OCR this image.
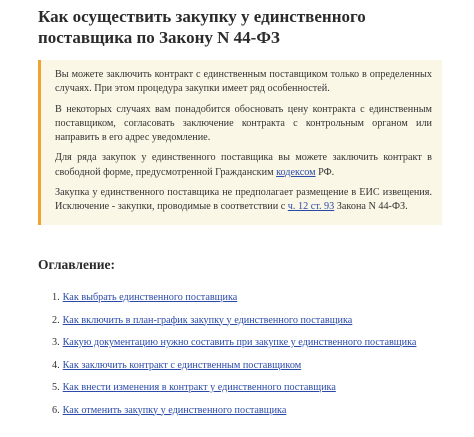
Как осуществить закупку у единственного поставщика по Закону N 44-ФЗ

Вы можете заключить контракт с единственным поставщиком только в определенных случаях. При этом процедура закупки имеет ряд особенностей.

В некоторых случаях вам понадобится обосновать цену контракта с единственным поставщиком, согласовать заключение контракта с контрольным органом или направить в его адрес уведомление.

Для ряда закупок у единственного поставщика вы можете заключить контракт в свободной форме, предусмотренной Гражданским кодексом РФ.

Закупка у единственного поставщика не предполагает размещение в ЕИС извещения. Исключение - закупки, проводимые в соответствии с ч. 12 ст. 93 Закона N 44-ФЗ.

Оглавление:
1. Как выбрать единственного поставщика
2. Как включить в план-график закупку у единственного поставщика
3. Какую документацию нужно составить при закупке у единственного поставщика
4. Как заключить контракт с единственным поставщиком
5. Как внести изменения в контракт у единственного поставщика
6. Как отменить закупку у единственного поставщика
